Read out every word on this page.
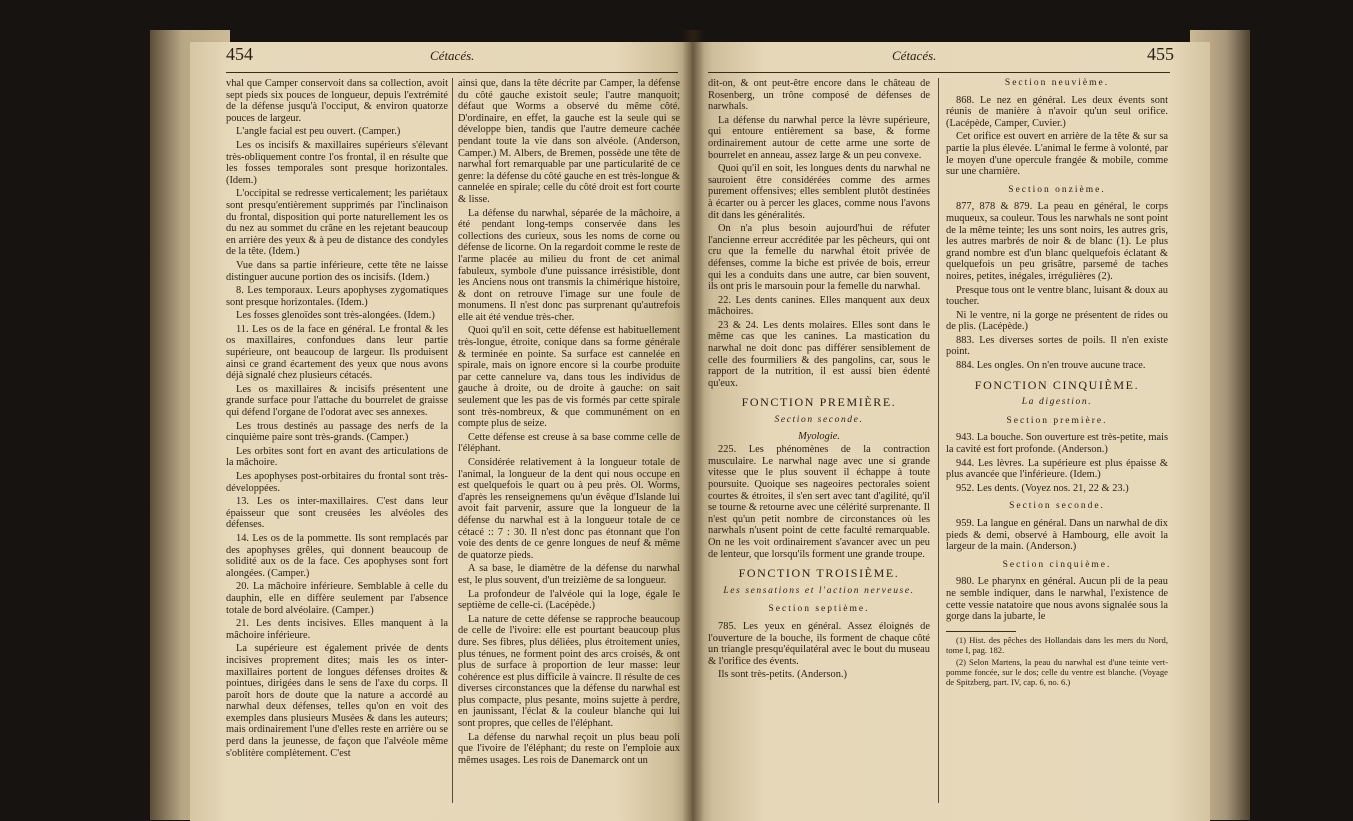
454	Cétacés.

vhal que Camper conservoit dans sa collection, avoit sept pieds six pouces de longueur, depuis l'extrémité de la défense jusqu'à l'occiput, & environ quatorze pouces de largeur.

L'angle facial est peu ouvert. (Camper.)

Les os incisifs & maxillaires supérieurs s'élevant très-obliquement contre l'os frontal, il en résulte que les fosses temporales sont presque horizontales. (Idem.)

L'occipital se redresse verticalement; les pariétaux sont presqu'entièrement supprimés par l'inclinaison du frontal, disposition qui porte naturellement les os du nez au sommet du crâne en les rejetant beaucoup en arrière des yeux & à peu de distance des condyles de la tête. (Idem.)

Vue dans sa partie inférieure, cette tête ne laisse distinguer aucune portion des os incisifs. (Idem.)

8. Les temporaux. Leurs apophyses zygomatiques sont presque horizontales. (Idem.)

Les fosses glenoïdes sont très-alongées. (Idem.)

11. Les os de la face en général. Le frontal & les os maxillaires, confondues dans leur partie supérieure, ont beaucoup de largeur. Ils produisent ainsi ce grand écartement des yeux que nous avons déjà signalé chez plusieurs cétacés.

Les os maxillaires & incisifs présentent une grande surface pour l'attache du bourrelet de graisse qui défend l'organe de l'odorat avec ses annexes.

Les trous destinés au passage des nerfs de la cinquième paire sont très-grands. (Camper.)

Les orbites sont fort en avant des articulations de la mâchoire.

Les apophyses post-orbitaires du frontal sont très-développées.

13. Les os inter-maxillaires. C'est dans leur épaisseur que sont creusées les alvéoles des défenses.

14. Les os de la pommette. Ils sont remplacés par des apophyses grêles, qui donnent beaucoup de solidité aux os de la face. Ces apophyses sont fort alongées. (Camper.)

20. La mâchoire inférieure. Semblable à celle du dauphin, elle en diffère seulement par l'absence totale de bord alvéolaire. (Camper.)

21. Les dents incisives. Elles manquent à la mâchoire inférieure.

La supérieure est également privée de dents incisives proprement dites; mais les os inter-maxillaires portent de longues défenses droites & pointues, dirigées dans le sens de l'axe du corps. Il paroît hors de doute que la nature a accordé au narwhal deux défenses, telles qu'on en voit des exemples dans plusieurs Musées & dans les auteurs; mais ordinairement l'une d'elles reste en arrière ou se perd dans la jeunesse, de façon que l'alvéole même s'oblitère complètement. C'est

ainsi que, dans la tête décrite par Camper, la défense du côté gauche existoit seule; l'autre manquoit; défaut que Worms a observé du même côté. D'ordinaire, en effet, la gauche est la seule qui se développe bien, tandis que l'autre demeure cachée pendant toute la vie dans son alvéole. (Anderson, Camper.) M. Albers, de Bremen, possède une tête de narwhal fort remarquable par une particularité de ce genre: la défense du côté gauche en est très-longue & cannelée en spirale; celle du côté droit est fort courte & lisse.

La défense du narwhal, séparée de la mâchoire, a été pendant long-temps conservée dans les collections des curieux, sous les noms de corne ou défense de licorne. On la regardoit comme le reste de l'arme placée au milieu du front de cet animal fabuleux, symbole d'une puissance irrésistible, dont les Anciens nous ont transmis la chimérique histoire, & dont on retrouve l'image sur une foule de monumens. Il n'est donc pas surprenant qu'autrefois elle ait été vendue très-cher.

Quoi qu'il en soit, cette défense est habituellement très-longue, étroite, conique dans sa forme générale & terminée en pointe. Sa surface est cannelée en spirale, mais on ignore encore si la courbe produite par cette cannelure va, dans tous les individus de gauche à droite, ou de droite à gauche: on sait seulement que les pas de vis formés par cette spirale sont très-nombreux, & que communément on en compte plus de seize.

Cette défense est creuse à sa base comme celle de l'éléphant.

Considérée relativement à la longueur totale de l'animal, la longueur de la dent qui nous occupe en est quelquefois le quart ou à peu près. Ol. Worms, d'après les renseignemens qu'un évêque d'Islande lui avoit fait parvenir, assure que la longueur de la défense du narwhal est à la longueur totale de ce cétacé :: 7 : 30. Il n'est donc pas étonnant que l'on voie des dents de ce genre longues de neuf & même de quatorze pieds.

A sa base, le diamètre de la défense du narwhal est, le plus souvent, d'un treizième de sa longueur.

La profondeur de l'alvéole qui la loge, égale le septième de celle-ci. (Lacépède.)

La nature de cette défense se rapproche beaucoup de celle de l'ivoire: elle est pourtant beaucoup plus dure. Ses fibres, plus déliées, plus étroitement unies, plus ténues, ne forment point des arcs croisés, & ont plus de surface à proportion de leur masse: leur cohérence est plus difficile à vaincre. Il résulte de ces diverses circonstances que la défense du narwhal est plus compacte, plus pesante, moins sujette à perdre, en jaunissant, l'éclat & la couleur blanche qui lui sont propres, que celles de l'éléphant.

La défense du narwhal reçoit un plus beau poli que l'ivoire de l'éléphant; du reste on l'emploie aux mêmes usages. Les rois de Danemarck ont un

Cétacés.	455

dit-on, & ont peut-être encore dans le château de Rosenberg, un trône composé de défenses de narwhals.

La défense du narwhal perce la lèvre supérieure, qui entoure entièrement sa base, & forme ordinairement autour de cette arme une sorte de bourrelet en anneau, assez large & un peu convexe.

Quoi qu'il en soit, les longues dents du narwhal ne sauroient être considérées comme des armes purement offensives; elles semblent plutôt destinées à écarter ou à percer les glaces, comme nous l'avons dit dans les généralités.

On n'a plus besoin aujourd'hui de réfuter l'ancienne erreur accréditée par les pêcheurs, qui ont cru que la femelle du narwhal étoit privée de défenses, comme la biche est privée de bois, erreur qui les a conduits dans une autre, car bien souvent, ils ont pris le marsouin pour la femelle du narwhal.

22. Les dents canines. Elles manquent aux deux mâchoires.

23 & 24. Les dents molaires. Elles sont dans le même cas que les canines. La mastication du narwhal ne doit donc pas différer sensiblement de celle des fourmiliers & des pangolins, car, sous le rapport de la nutrition, il est aussi bien édenté qu'eux.

FONCTION PREMIÈRE.

Section seconde.

Myologie.

225. Les phénomènes de la contraction musculaire. Le narwhal nage avec une si grande vitesse que le plus souvent il échappe à toute poursuite. Quoique ses nageoires pectorales soient courtes & étroites, il s'en sert avec tant d'agilité, qu'il se tourne & retourne avec une célérité surprenante. Il n'est qu'un petit nombre de circonstances où les narwhals n'usent point de cette faculté remarquable. On ne les voit ordinairement s'avancer avec un peu de lenteur, que lorsqu'ils forment une grande troupe.

FONCTION TROISIÈME.

Les sensations et l'action nerveuse.

Section septième.

785. Les yeux en général. Assez éloignés de l'ouverture de la bouche, ils forment de chaque côté un triangle presqu'équilatéral avec le bout du museau & l'orifice des évents.

Ils sont très-petits. (Anderson.)

Section neuvième.

868. Le nez en général. Les deux évents sont réunis de manière à n'avoir qu'un seul orifice. (Lacépède, Camper, Cuvier.)

Cet orifice est ouvert en arrière de la tête & sur sa partie la plus élevée. L'animal le ferme à volonté, par le moyen d'une opercule frangée & mobile, comme sur une charnière.

Section onzième.

877, 878 & 879. La peau en général, le corps muqueux, sa couleur. Tous les narwhals ne sont point de la même teinte; les uns sont noirs, les autres gris, les autres marbrés de noir & de blanc (1). Le plus grand nombre est d'un blanc quelquefois éclatant & quelquefois un peu grisâtre, parsemé de taches noires, petites, inégales, irrégulières (2).

Presque tous ont le ventre blanc, luisant & doux au toucher.

Ni le ventre, ni la gorge ne présentent de rides ou de plis. (Lacépède.)

883. Les diverses sortes de poils. Il n'en existe point.

884. Les ongles. On n'en trouve aucune trace.

FONCTION CINQUIÈME.

La digestion.

Section première.

943. La bouche. Son ouverture est très-petite, mais la cavité est fort profonde. (Anderson.)

944. Les lèvres. La supérieure est plus épaisse & plus avancée que l'inférieure. (Idem.)

952. Les dents. (Voyez nos. 21, 22 & 23.)

Section seconde.

959. La langue en général. Dans un narwhal de dix pieds & demi, observé à Hambourg, elle avoit la largeur de la main. (Anderson.)

Section cinquième.

980. Le pharynx en général. Aucun pli de la peau ne semble indiquer, dans le narwhal, l'existence de cette vessie natatoire que nous avons signalée sous la gorge dans la jubarte, le

(1) Hist. des pêches des Hollandais dans les mers du Nord, tome I, pag. 182.

(2) Selon Martens, la peau du narwhal est d'une teinte vert-pomme foncée, sur le dos; celle du ventre est blanche. (Voyage de Spitzberg, part. IV, cap. 6, no. 6.)
